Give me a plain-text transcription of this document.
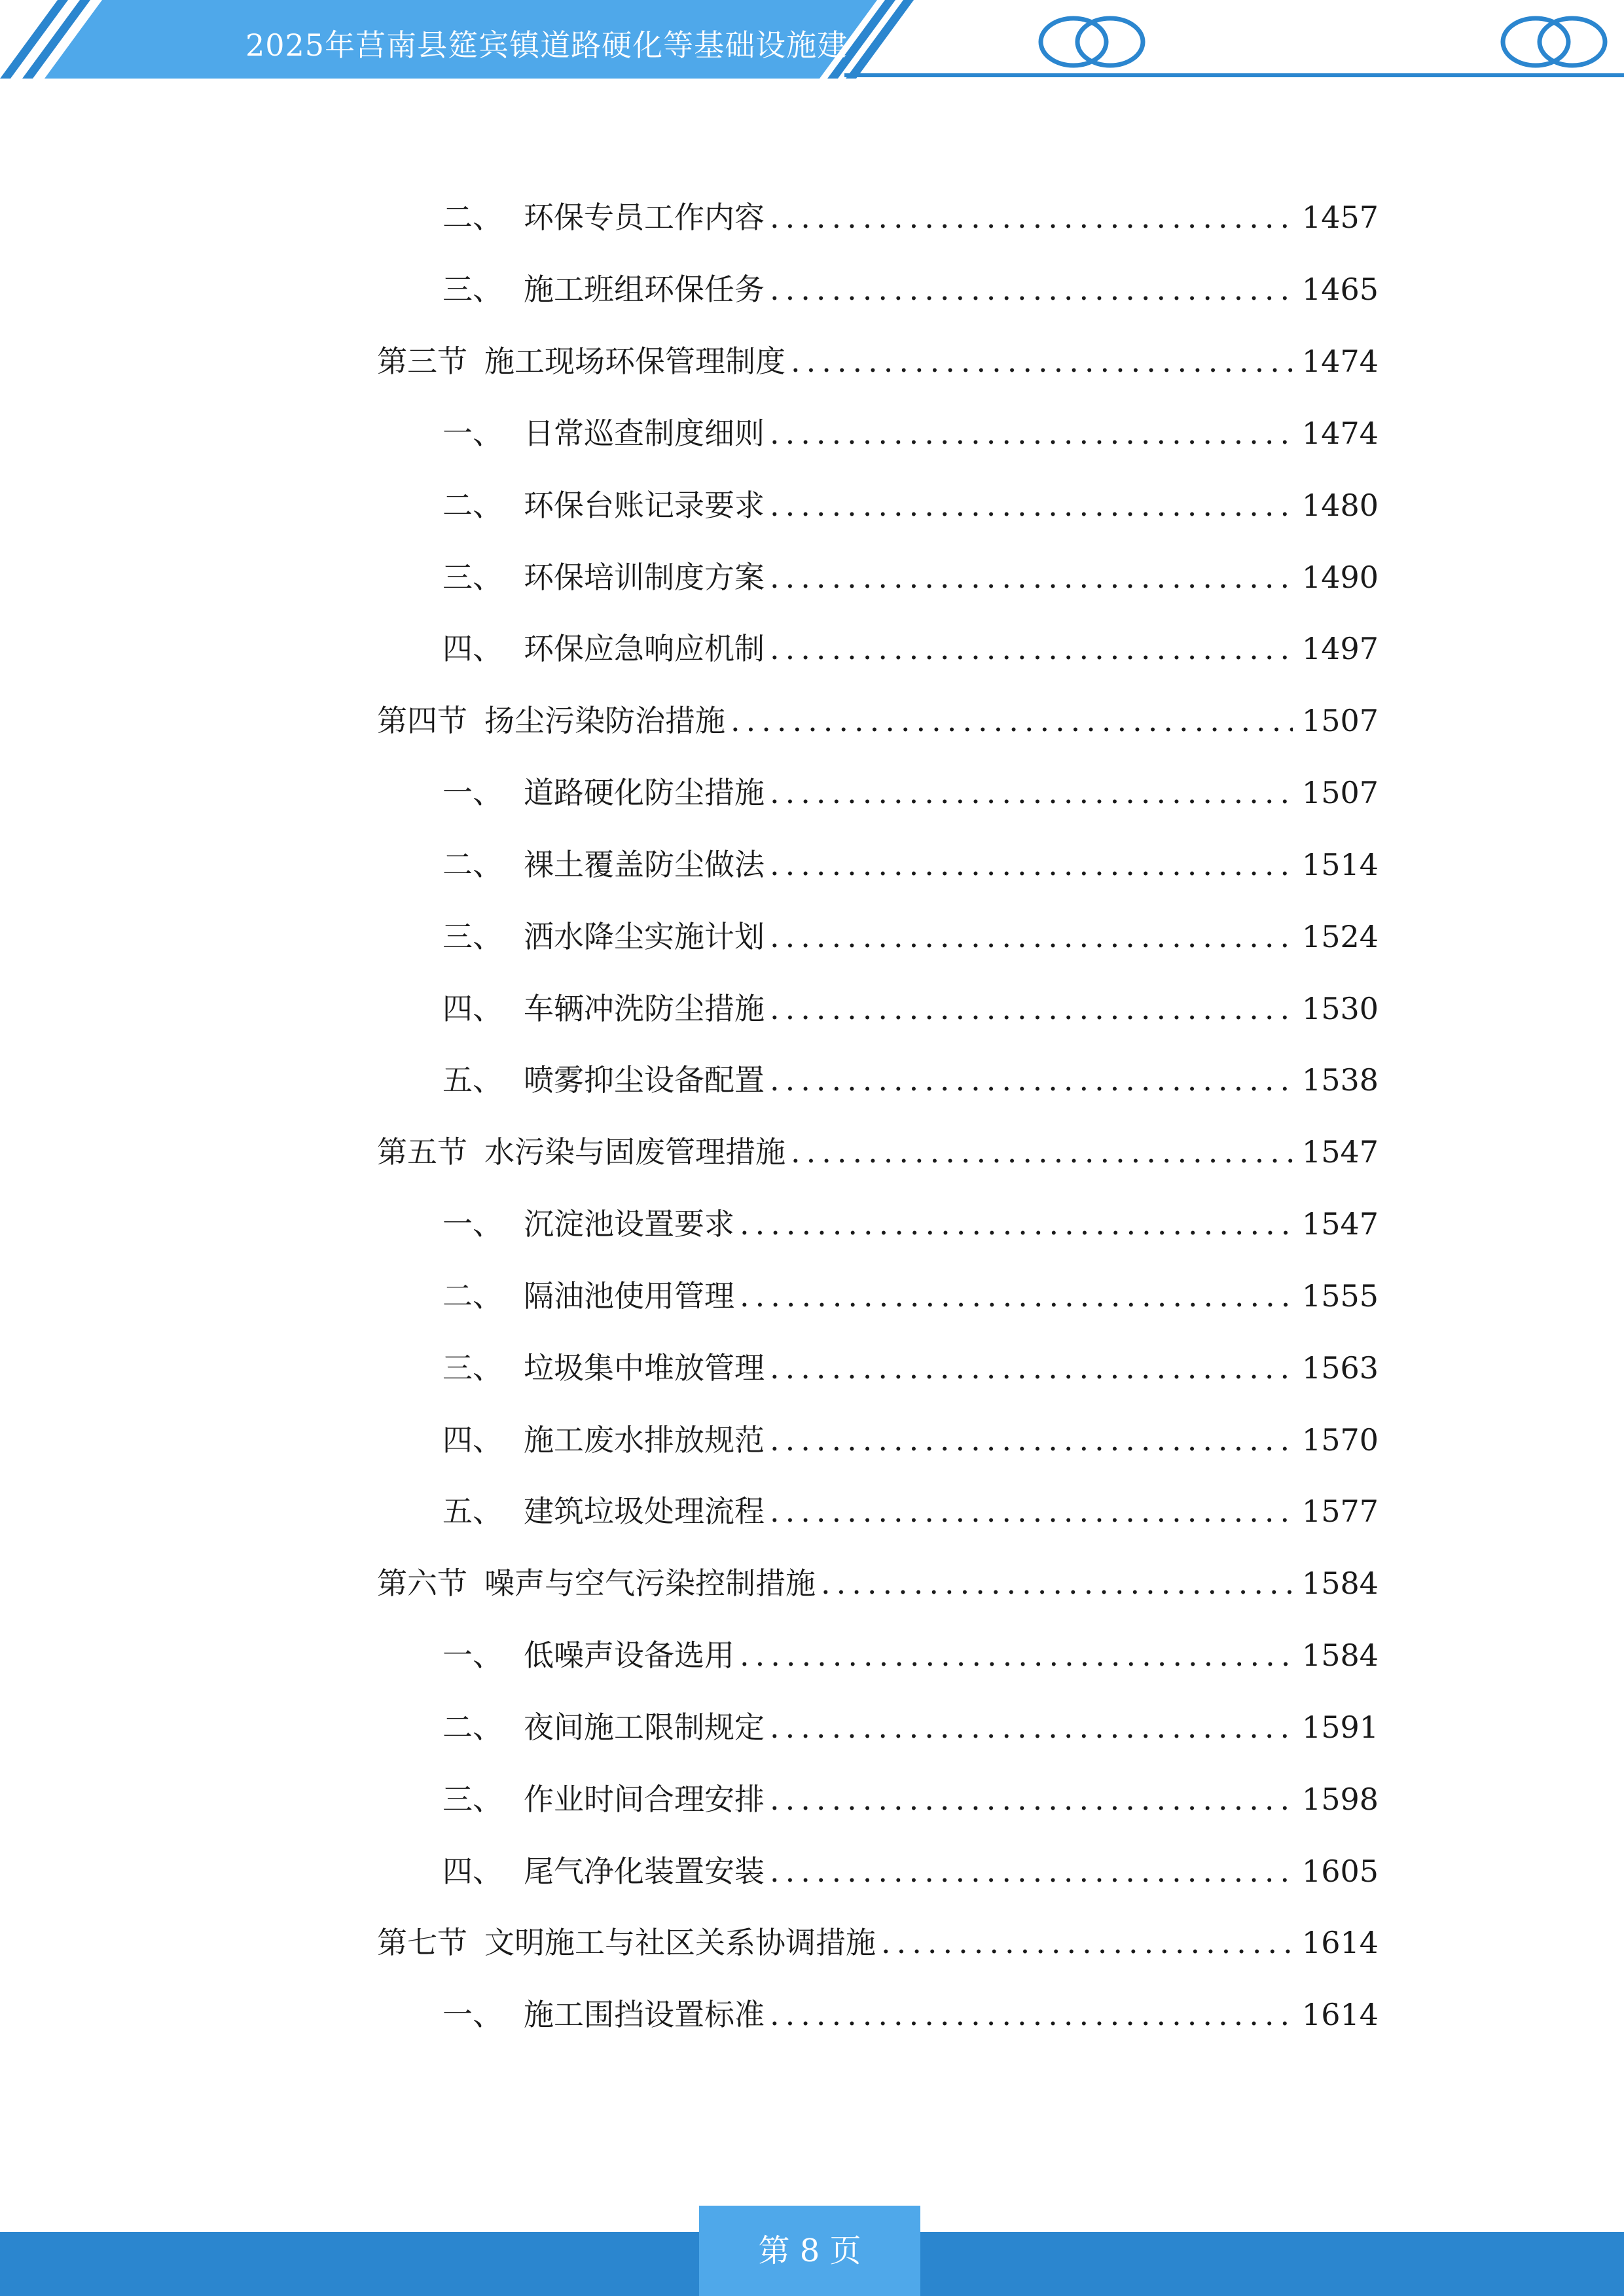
2025年莒南县筵宾镇道路硬化等基础设施建
二、 环保专员工作内容 .....	1457
三、 施工班组环保任务 .....	1465
第三节 施工现场环保管理制度 .....	1474
一、 日常巡查制度细则 .....	1474
二、 环保台账记录要求 .....	1480
三、 环保培训制度方案 .....	1490
四、 环保应急响应机制 .....	1497
第四节 扬尘污染防治措施 .....	1507
一、 道路硬化防尘措施 .....	1507
二、 裸土覆盖防尘做法 .....	1514
三、 洒水降尘实施计划 .....	1524
四、 车辆冲洗防尘措施 .....	1530
五、 喷雾抑尘设备配置 .....	1538
第五节 水污染与固废管理措施 .....	1547
一、 沉淀池设置要求 .....	1547
二、 隔油池使用管理 .....	1555
三、 垃圾集中堆放管理 .....	1563
四、 施工废水排放规范 .....	1570
五、 建筑垃圾处理流程 .....	1577
第六节 噪声与空气污染控制措施 .....	1584
一、 低噪声设备选用 .....	1584
二、 夜间施工限制规定 .....	1591
三、 作业时间合理安排 .....	1598
四、 尾气净化装置安装 .....	1605
第七节 文明施工与社区关系协调措施 .....	1614
一、 施工围挡设置标准 .....	1614
第 8 页
